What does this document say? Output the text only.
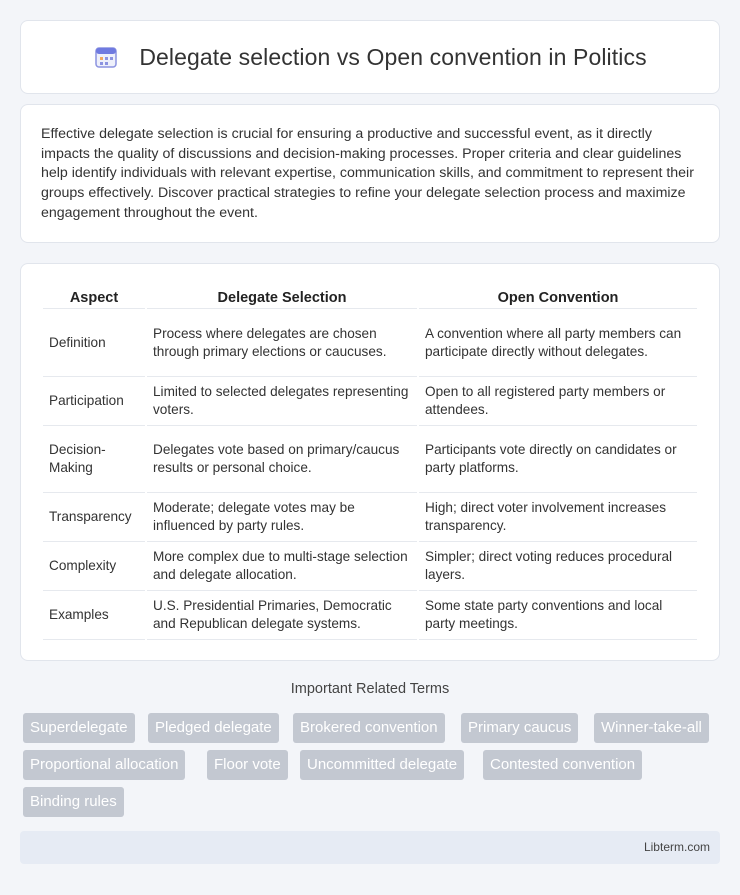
Delegate selection vs Open convention in Politics

Effective delegate selection is crucial for ensuring a productive and successful event, as it directly impacts the quality of discussions and decision-making processes. Proper criteria and clear guidelines help identify individuals with relevant expertise, communication skills, and commitment to represent their groups effectively. Discover practical strategies to refine your delegate selection process and maximize engagement throughout the event.

Aspect	Delegate Selection	Open Convention
Definition	Process where delegates are chosen through primary elections or caucuses.	A convention where all party members can participate directly without delegates.
Participation	Limited to selected delegates representing voters.	Open to all registered party members or attendees.
Decision-Making	Delegates vote based on primary/caucus results or personal choice.	Participants vote directly on candidates or party platforms.
Transparency	Moderate; delegate votes may be influenced by party rules.	High; direct voter involvement increases transparency.
Complexity	More complex due to multi-stage selection and delegate allocation.	Simpler; direct voting reduces procedural layers.
Examples	U.S. Presidential Primaries, Democratic and Republican delegate systems.	Some state party conventions and local party meetings.
Important Related Terms
Superdelegate	Pledged delegate	Brokered convention	Primary caucus	Winner-take-all
Proportional allocation	Floor vote	Uncommitted delegate	Contested convention
Binding rules
Libterm.com
